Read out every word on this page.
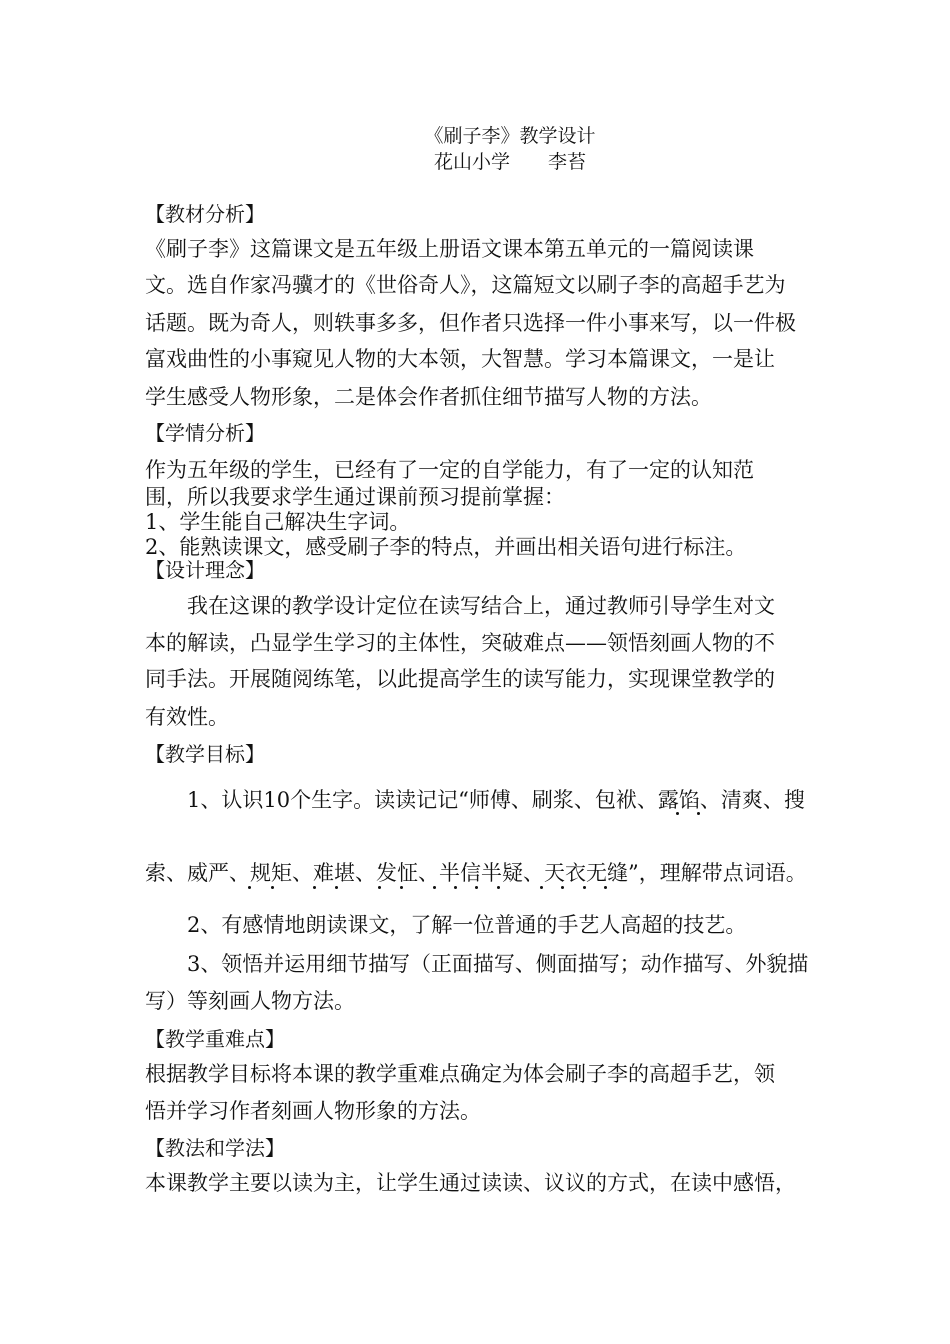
《刷子李》教学设计
花山小学　　李苔
【教材分析】
《刷子李》这篇课文是五年级上册语文课本第五单元的一篇阅读课
文。选自作家冯骥才的《世俗奇人》，这篇短文以刷子李的高超手艺为
话题。既为奇人，则轶事多多，但作者只选择一件小事来写，以一件极
富戏曲性的小事窥见人物的大本领，大智慧。学习本篇课文，一是让
学生感受人物形象，二是体会作者抓住细节描写人物的方法。
【学情分析】
作为五年级的学生，已经有了一定的自学能力，有了一定的认知范
围，所以我要求学生通过课前预习提前掌握：
1、学生能自己解决生字词。
2、能熟读课文，感受刷子李的特点，并画出相关语句进行标注。
【设计理念】
我在这课的教学设计定位在读写结合上，通过教师引导学生对文
本的解读，凸显学生学习的主体性，突破难点——领悟刻画人物的不
同手法。开展随阅练笔，以此提高学生的读写能力，实现课堂教学的
有效性。
【教学目标】
1、认识10个生字。读读记记“师傅、刷浆、包袱、露馅、清爽、搜
索、威严、规矩、难堪、发怔、半信半疑、天衣无缝”，理解带点词语。
2、有感情地朗读课文，了解一位普通的手艺人高超的技艺。
3、领悟并运用细节描写（正面描写、侧面描写；动作描写、外貌描
写）等刻画人物方法。
【教学重难点】
根据教学目标将本课的教学重难点确定为体会刷子李的高超手艺，领
悟并学习作者刻画人物形象的方法。
【教法和学法】
本课教学主要以读为主，让学生通过读读、议议的方式，在读中感悟，
